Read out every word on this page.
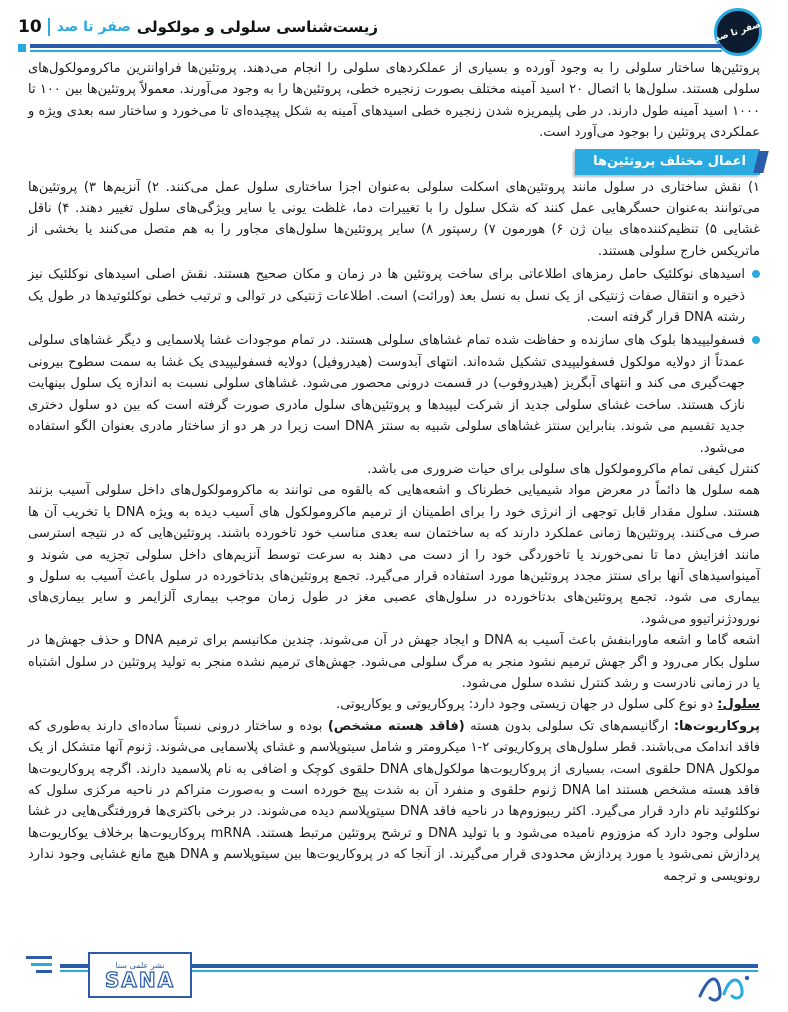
10 صفر تا صد زیست‌شناسی سلولی و مولکولی	صفر تا صد

پروتئین‌ها ساختار سلولی را به وجود آورده و بسیاری از عملکردهای سلولی را انجام می‌دهند. پروتئین‌ها فراوانترین ماکرومولکول‌های سلولی هستند. سلول‌ها با اتصال ۲۰ اسید آمینه مختلف بصورت زنجیره خطی، پروتئین‌ها را به وجود می‌آورند. معمولاً پروتئین‌ها بین ۱۰۰ تا ۱۰۰۰ اسید آمینه طول دارند. در طی پلیمریزه شدن زنجیره خطی اسیدهای آمینه به شکل پیچیده‌ای تا می‌خورد و ساختار سه بعدی ویژه و عملکردی پروتئین را بوجود می‌آورد است.

اعمال مختلف پروتئین‌ها

۱) نقش ساختاری در سلول مانند پروتئین‌های اسکلت سلولی به‌عنوان اجزا ساختاری سلول عمل می‌کنند. ۲) آنزیم‌ها ۳) پروتئین‌ها می‌توانند به‌عنوان حسگرهایی عمل کنند که شکل سلول را با تغییرات دما، غلظت یونی یا سایر ویژگی‌های سلول تغییر دهند. ۴) ناقل غشایی ۵) تنظیم‌کننده‌های بیان ژن ۶) هورمون ۷) رسپتور ۸) سایر پروتئین‌ها سلول‌های مجاور را به هم متصل می‌کنند یا بخشی از ماتریکس خارج سلولی هستند.

اسیدهای نوکلئیک حامل رمزهای اطلاعاتی برای ساخت پروتئین ها در زمان و مکان صحیح هستند. نقش اصلی اسیدهای نوکلئیک نیز ذخیره و انتقال صفات ژنتیکی از یک نسل به نسل بعد (وراثت) است. اطلاعات ژنتیکی در توالی و ترتیب خطی نوکلئوتیدها در طول یک رشته DNA قرار گرفته است.

فسفولیپیدها بلوک های سازنده و حفاظت شده تمام غشاهای سلولی هستند. در تمام موجودات غشا پلاسمایی و دیگر غشاهای سلولی عمدتاً از دولایه مولکول فسفولیپیدی تشکیل شده‌اند. انتهای آبدوست (هیدروفیل) دولایه فسفولیپیدی یک غشا به سمت سطوح بیرونی جهت‌گیری می کند و انتهای آبگریز (هیدروفوب) در قسمت درونی محصور می‌شود. غشاهای سلولی نسبت به اندازه یک سلول بینهایت نازک هستند. ساخت غشای سلولی جدید از شرکت لیپیدها و پروتئین‌های سلول مادری صورت گرفته است که بین دو سلول دختری جدید تقسیم می شوند. بنابراین سنتز غشاهای سلولی شبیه به سنتز DNA است زیرا در هر دو از ساختار مادری بعنوان الگو استفاده می‌شود.

کنترل کیفی تمام ماکرومولکول های سلولی برای حیات ضروری می باشد.

همه سلول ها دائماً در معرض مواد شیمیایی خطرناک و اشعه‌هایی که بالقوه می توانند به ماکرومولکول‌های داخل سلولی آسیب بزنند هستند. سلول مقدار قابل توجهی از انرژی خود را برای اطمینان از ترمیم ماکرومولکول های آسیب دیده به ویژه DNA یا تخریب آن ها صرف می‌کنند. پروتئین‌ها زمانی عملکرد دارند که به ساختمان سه بعدی مناسب خود تاخورده باشند. پروتئین‌هایی که در نتیجه استرسی مانند افزایش دما تا نمی‌خورند یا تاخوردگی خود را از دست می دهند به سرعت توسط آنزیم‌های داخل سلولی تجزیه می شوند و آمینواسیدهای آنها برای سنتز مجدد پروتئین‌ها مورد استفاده قرار می‌گیرد. تجمع پروتئین‌های بدتاخورده در سلول باعث آسیب به سلول و بیماری می شود. تجمع پروتئین‌های بدتاخورده در سلول‌های عصبی مغز در طول زمان موجب بیماری آلزایمر و سایر بیماری‌های نورودژنراتیوو می‌شود.

اشعه گاما و اشعه ماورابنفش باعث آسیب به DNA و ایجاد جهش در آن می‌شوند. چندین مکانیسم برای ترمیم DNA و حذف جهش‌ها در سلول بکار می‌رود و اگر جهش ترمیم نشود منجر به مرگ سلولی می‌شود. جهش‌های ترمیم نشده منجر به تولید پروتئین در سلول اشتباه یا در زمانی نادرست و رشد کنترل نشده سلول می‌شود.

سلول: دو نوع کلی سلول در جهان زیستی وجود دارد: پروکاریوتی و یوکاریوتی.

پروکاریوت‌ها: ارگانیسم‌های تک سلولی بدون هسته (فاقد هسته مشخص) بوده و ساختار درونی نسبتاً ساده‌ای دارند به‌طوری که فاقد اندامک می‌باشند. قطر سلول‌های پروکاریوتی ۲-۱ میکرومتر و شامل سیتوپلاسم و غشای پلاسمایی می‌شوند. ژنوم آنها متشکل از یک مولکول DNA حلقوی است، بسیاری از پروکاریوت‌ها مولکول‌های DNA حلقوی کوچک و اضافی به نام پلاسمید دارند. اگرچه پروکاریوت‌ها فاقد هسته مشخص هستند اما DNA ژنوم حلقوی و منفرد آن به شدت پیچ خورده است و به‌صورت متراکم در ناحیه مرکزی سلول که نوکلئوئید نام دارد قرار می‌گیرد. اکثر ریبوزوم‌ها در ناحیه فاقد DNA سیتوپلاسم دیده می‌شوند. در برخی باکتری‌ها فرورفتگی‌هایی در غشا سلولی وجود دارد که مزوزوم نامیده می‌شود و با تولید DNA و ترشح پروتئین مرتبط هستند. mRNA پروکاریوت‌ها برخلاف یوکاریوت‌ها پردازش نمی‌شود یا مورد پردازش محدودی قرار می‌گیرند. از آنجا که در پروکاریوت‌ها بین سیتوپلاسم و DNA هیچ مانع غشایی وجود ندارد رونویسی و ترجمه

نشر علمی سنا
SANA
